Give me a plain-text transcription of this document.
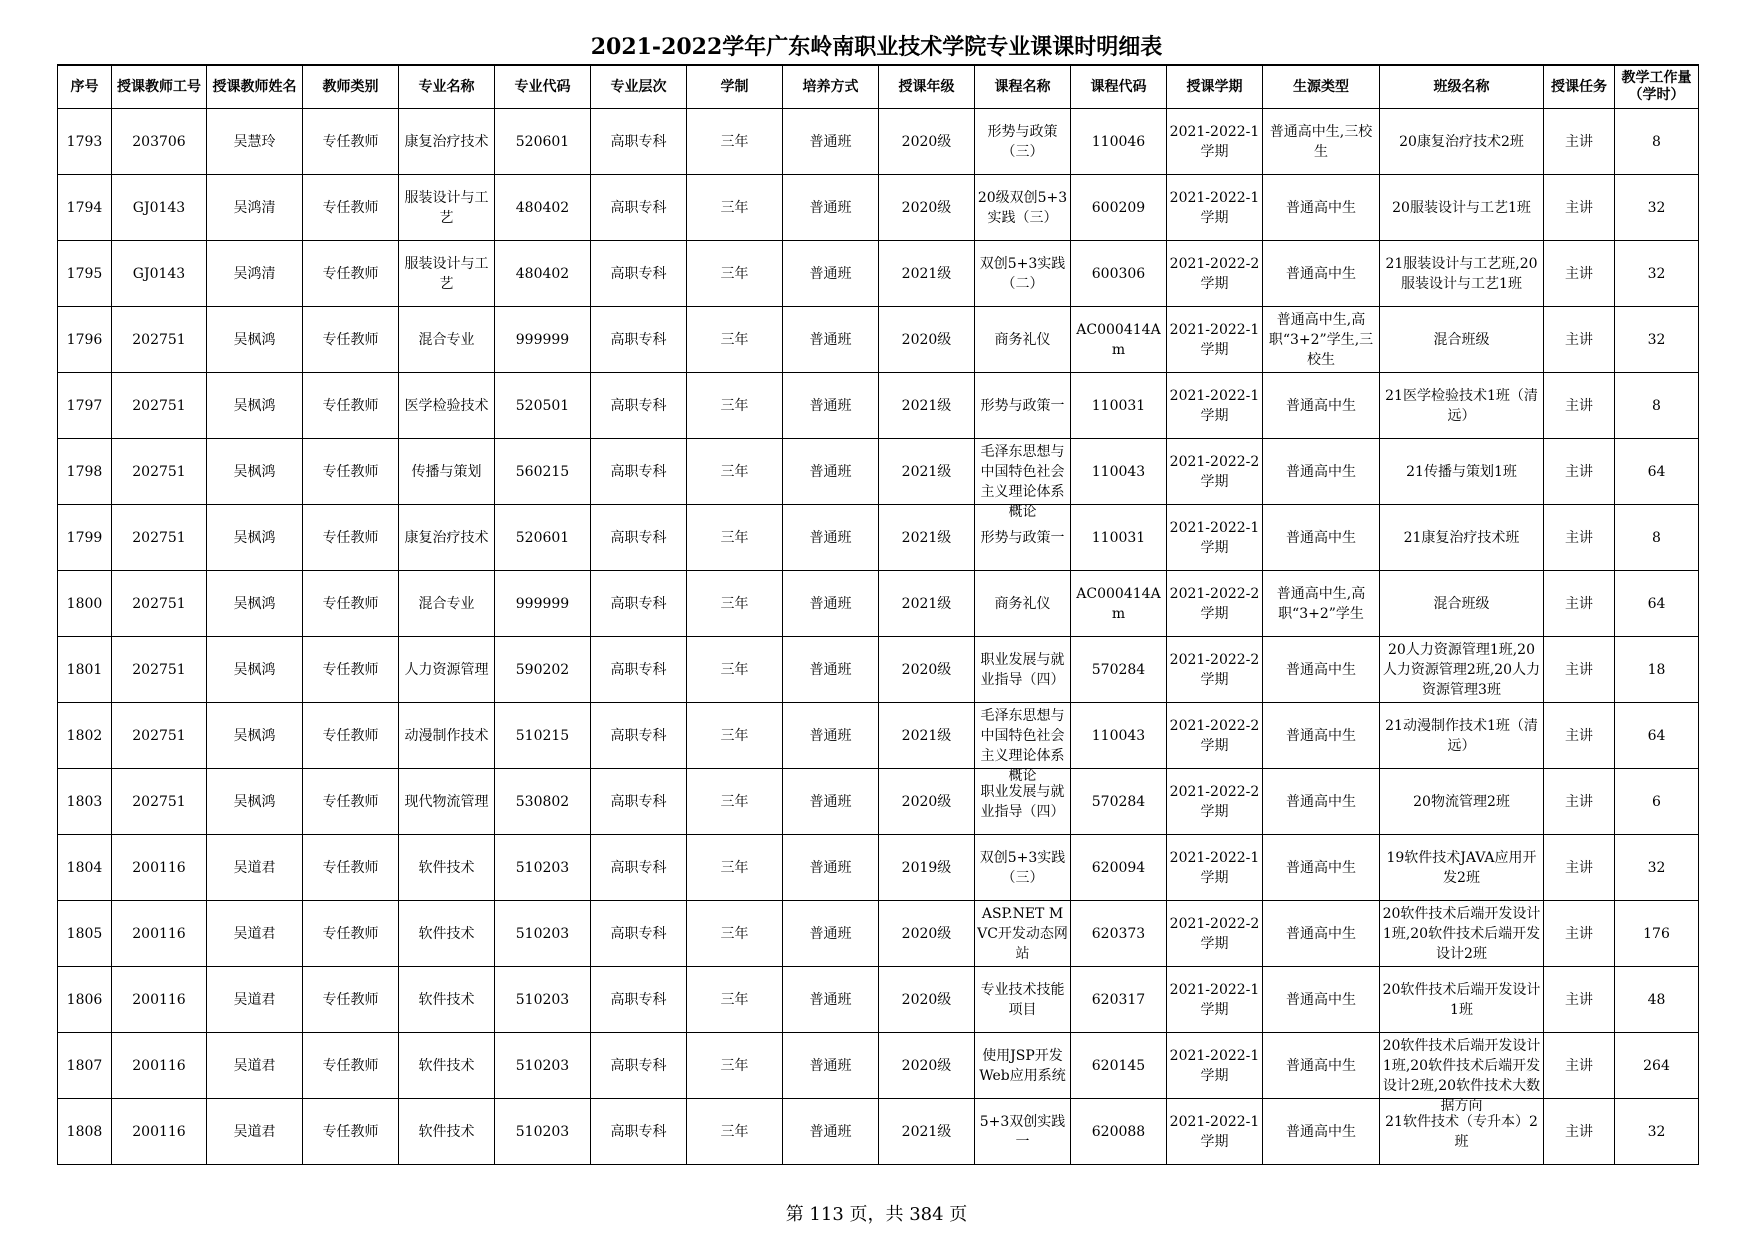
2021-2022学年广东岭南职业技术学院专业课课时明细表
序号	授课教师工号	授课教师姓名	教师类别	专业名称	专业代码	专业层次	学制	培养方式	授课年级	课程名称	课程代码	授课学期	生源类型	班级名称	授课任务	教学工作量（学时）

1793	203706	吴慧玲	专任教师	康复治疗技术	520601	高职专科	三年	普通班	2020级	形势与政策（三）	110046	2021-2022-1学期	普通高中生,三校生	20康复治疗技术2班	主讲	8

1794	GJ0143	吴鸿清	专任教师	服装设计与工艺	480402	高职专科	三年	普通班	2020级	20级双创5+3实践（三）	600209	2021-2022-1学期	普通高中生	20服装设计与工艺1班	主讲	32

1795	GJ0143	吴鸿清	专任教师	服装设计与工艺	480402	高职专科	三年	普通班	2021级	双创5+3实践（二）	600306	2021-2022-2学期	普通高中生	21服装设计与工艺班,20服装设计与工艺1班	主讲	32

1796	202751	吴枫鸿	专任教师	混合专业	999999	高职专科	三年	普通班	2020级	商务礼仪	AC000414Am	2021-2022-1学期	普通高中生,高职“3+2”学生,三校生	混合班级	主讲	32

1797	202751	吴枫鸿	专任教师	医学检验技术	520501	高职专科	三年	普通班	2021级	形势与政策一	110031	2021-2022-1学期	普通高中生	21医学检验技术1班（清远）	主讲	8

1798	202751	吴枫鸿	专任教师	传播与策划	560215	高职专科	三年	普通班	2021级	毛泽东思想与中国特色社会主义理论体系概论	110043	2021-2022-2学期	普通高中生	21传播与策划1班	主讲	64

1799	202751	吴枫鸿	专任教师	康复治疗技术	520601	高职专科	三年	普通班	2021级	形势与政策一	110031	2021-2022-1学期	普通高中生	21康复治疗技术班	主讲	8

1800	202751	吴枫鸿	专任教师	混合专业	999999	高职专科	三年	普通班	2021级	商务礼仪	AC000414Am	2021-2022-2学期	普通高中生,高职“3+2”学生	混合班级	主讲	64

1801	202751	吴枫鸿	专任教师	人力资源管理	590202	高职专科	三年	普通班	2020级	职业发展与就业指导（四）	570284	2021-2022-2学期	普通高中生	20人力资源管理1班,20人力资源管理2班,20人力资源管理3班	主讲	18

1802	202751	吴枫鸿	专任教师	动漫制作技术	510215	高职专科	三年	普通班	2021级	毛泽东思想与中国特色社会主义理论体系概论	110043	2021-2022-2学期	普通高中生	21动漫制作技术1班（清远）	主讲	64

1803	202751	吴枫鸿	专任教师	现代物流管理	530802	高职专科	三年	普通班	2020级	职业发展与就业指导（四）	570284	2021-2022-2学期	普通高中生	20物流管理2班	主讲	6

1804	200116	吴道君	专任教师	软件技术	510203	高职专科	三年	普通班	2019级	双创5+3实践（三）	620094	2021-2022-1学期	普通高中生	19软件技术JAVA应用开发2班	主讲	32

1805	200116	吴道君	专任教师	软件技术	510203	高职专科	三年	普通班	2020级	ASP.NET MVC开发动态网站	620373	2021-2022-2学期	普通高中生	20软件技术后端开发设计1班,20软件技术后端开发设计2班	主讲	176

1806	200116	吴道君	专任教师	软件技术	510203	高职专科	三年	普通班	2020级	专业技术技能项目	620317	2021-2022-1学期	普通高中生	20软件技术后端开发设计1班	主讲	48

1807	200116	吴道君	专任教师	软件技术	510203	高职专科	三年	普通班	2020级	使用JSP开发Web应用系统	620145	2021-2022-1学期	普通高中生	20软件技术后端开发设计1班,20软件技术后端开发设计2班,20软件技术大数据方向	主讲	264

1808	200116	吴道君	专任教师	软件技术	510203	高职专科	三年	普通班	2021级	5+3双创实践一	620088	2021-2022-1学期	普通高中生	21软件技术（专升本）2班	主讲	32
第 113 页，共 384 页
